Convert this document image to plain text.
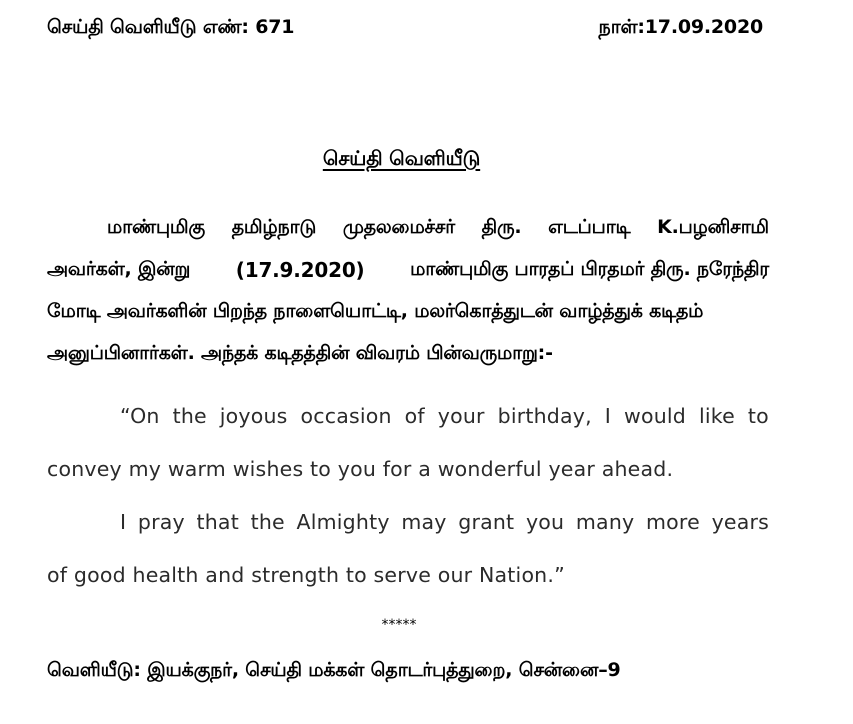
செய்தி வெளியீடு எண்: 671	நாள்:17.09.2020
செய்தி வெளியீடு
மாண்புமிகு தமிழ்நாடு முதலமைச்சர் திரு. எடப்பாடி K.பழனிசாமி
அவர்கள், இன்று (17.9.2020) மாண்புமிகு பாரதப் பிரதமர் திரு. நரேந்திர
மோடி அவர்களின் பிறந்த நாளையொட்டி, மலர்கொத்துடன் வாழ்த்துக் கடிதம்
அனுப்பினார்கள். அந்தக் கடிதத்தின் விவரம் பின்வருமாறு:-
“On the joyous occasion of your birthday, I would like to
convey my warm wishes to you for a wonderful year ahead.
I pray that the Almighty may grant you many more years
of good health and strength to serve our Nation.”
*****
வெளியீடு: இயக்குநர், செய்தி மக்கள் தொடர்புத்துறை, சென்னை–9
